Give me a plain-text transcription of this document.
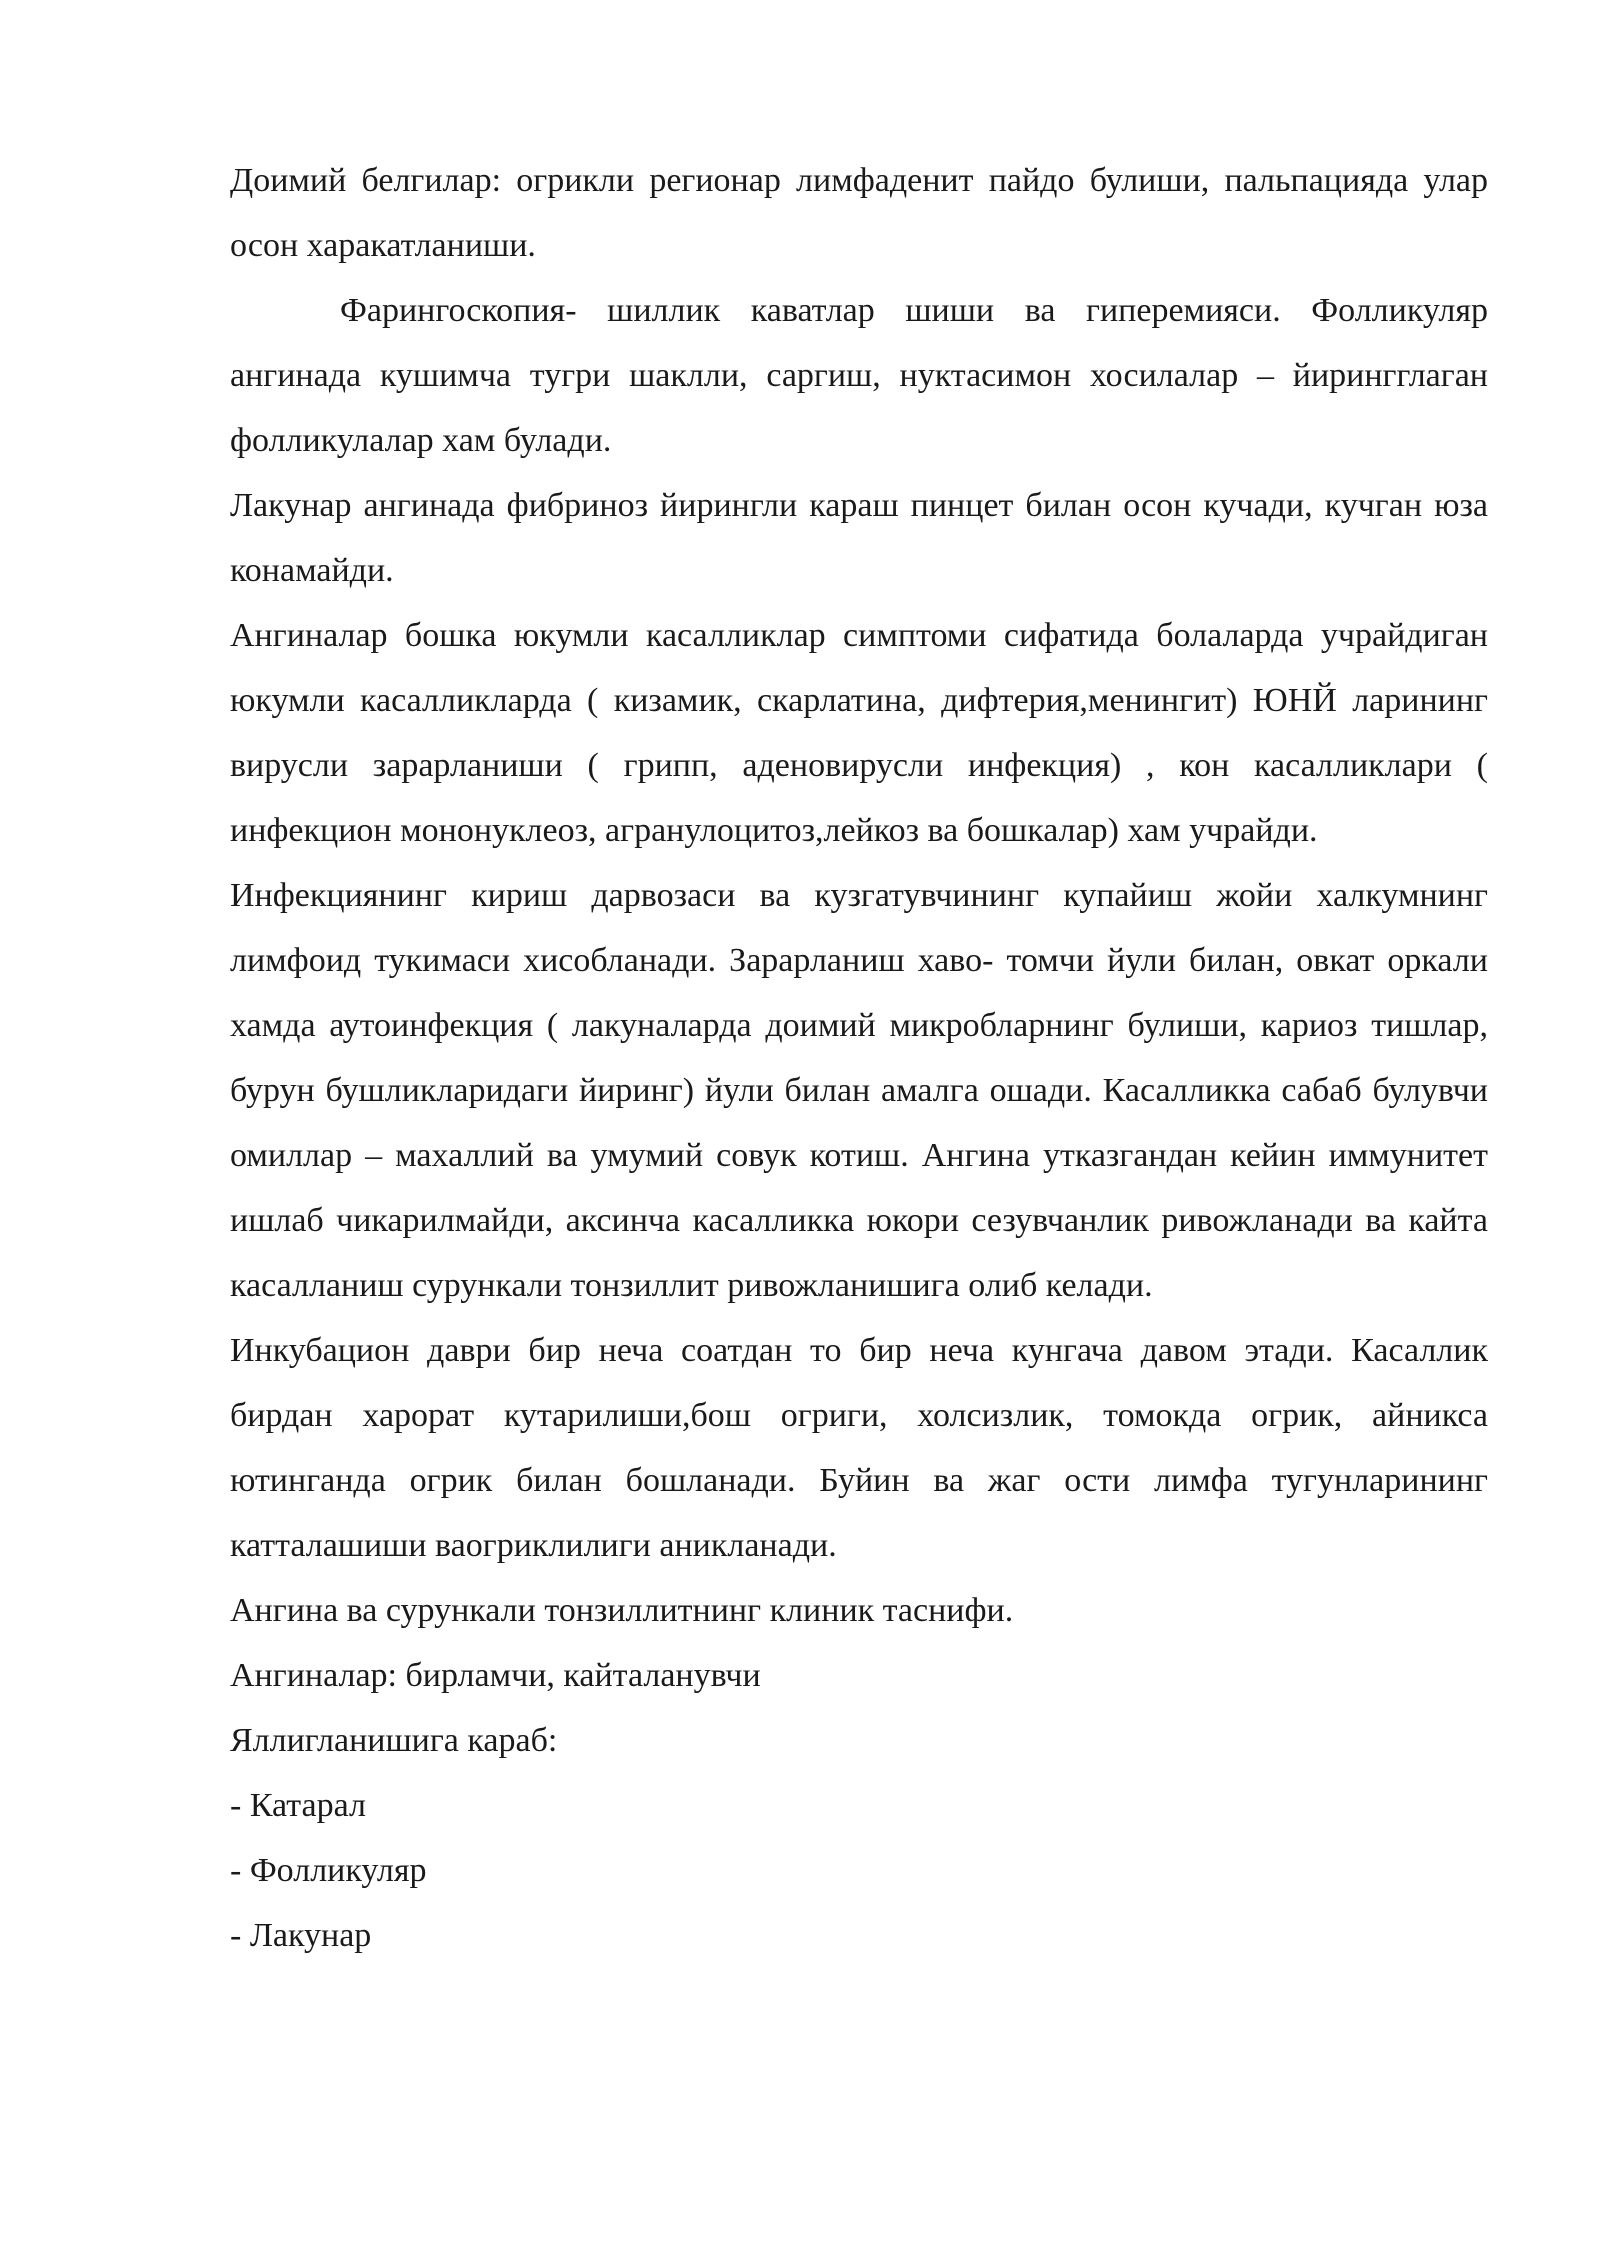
Доимий белгилар: огрикли регионар лимфаденит пайдо булиши, пальпацияда улар осон харакатланиши.

Фарингоскопия- шиллик каватлар шиши ва гиперемияси. Фолликуляр ангинада кушимча тугри шаклли, саргиш, нуктасимон хосилалар – йирингглаган фолликулалар хам булади.

Лакунар ангинада фибриноз йирингли караш пинцет билан осон кучади, кучган юза конамайди.

Ангиналар бошка юкумли касалликлар симптоми сифатида болаларда учрайдиган юкумли касалликларда ( кизамик, скарлатина, дифтерия,менингит) ЮНЙ ларининг вирусли зарарланиши ( грипп, аденовирусли инфекция) , кон касалликлари ( инфекцион мононуклеоз, агранулоцитоз,лейкоз ва бошкалар) хам учрайди.

Инфекциянинг кириш дарвозаси ва кузгатувчининг купайиш жойи халкумнинг лимфоид тукимаси хисобланади. Зарарланиш хаво- томчи йули билан, овкат оркали хамда аутоинфекция ( лакуналарда доимий микробларнинг булиши, кариоз тишлар, бурун бушликларидаги йиринг) йули билан амалга ошади. Касалликка сабаб булувчи омиллар – махаллий ва умумий совук котиш. Ангина утказгандан кейин иммунитет ишлаб чикарилмайди, аксинча касалликка юкори сезувчанлик ривожланади ва кайта касалланиш сурункали тонзиллит ривожланишига олиб келади.

Инкубацион даври бир неча соатдан то бир неча кунгача давом этади. Касаллик бирдан харорат кутарилиши,бош огриги, холсизлик, томокда огрик, айникса ютинганда огрик билан бошланади. Буйин ва жаг ости лимфа тугунларининг катталашиши ваогриклилиги аникланади.

Ангина ва сурункали тонзиллитнинг клиник таснифи.

Ангиналар: бирламчи, кайталанувчи

Яллигланишига караб:

- Катарал

- Фолликуляр

- Лакунар
